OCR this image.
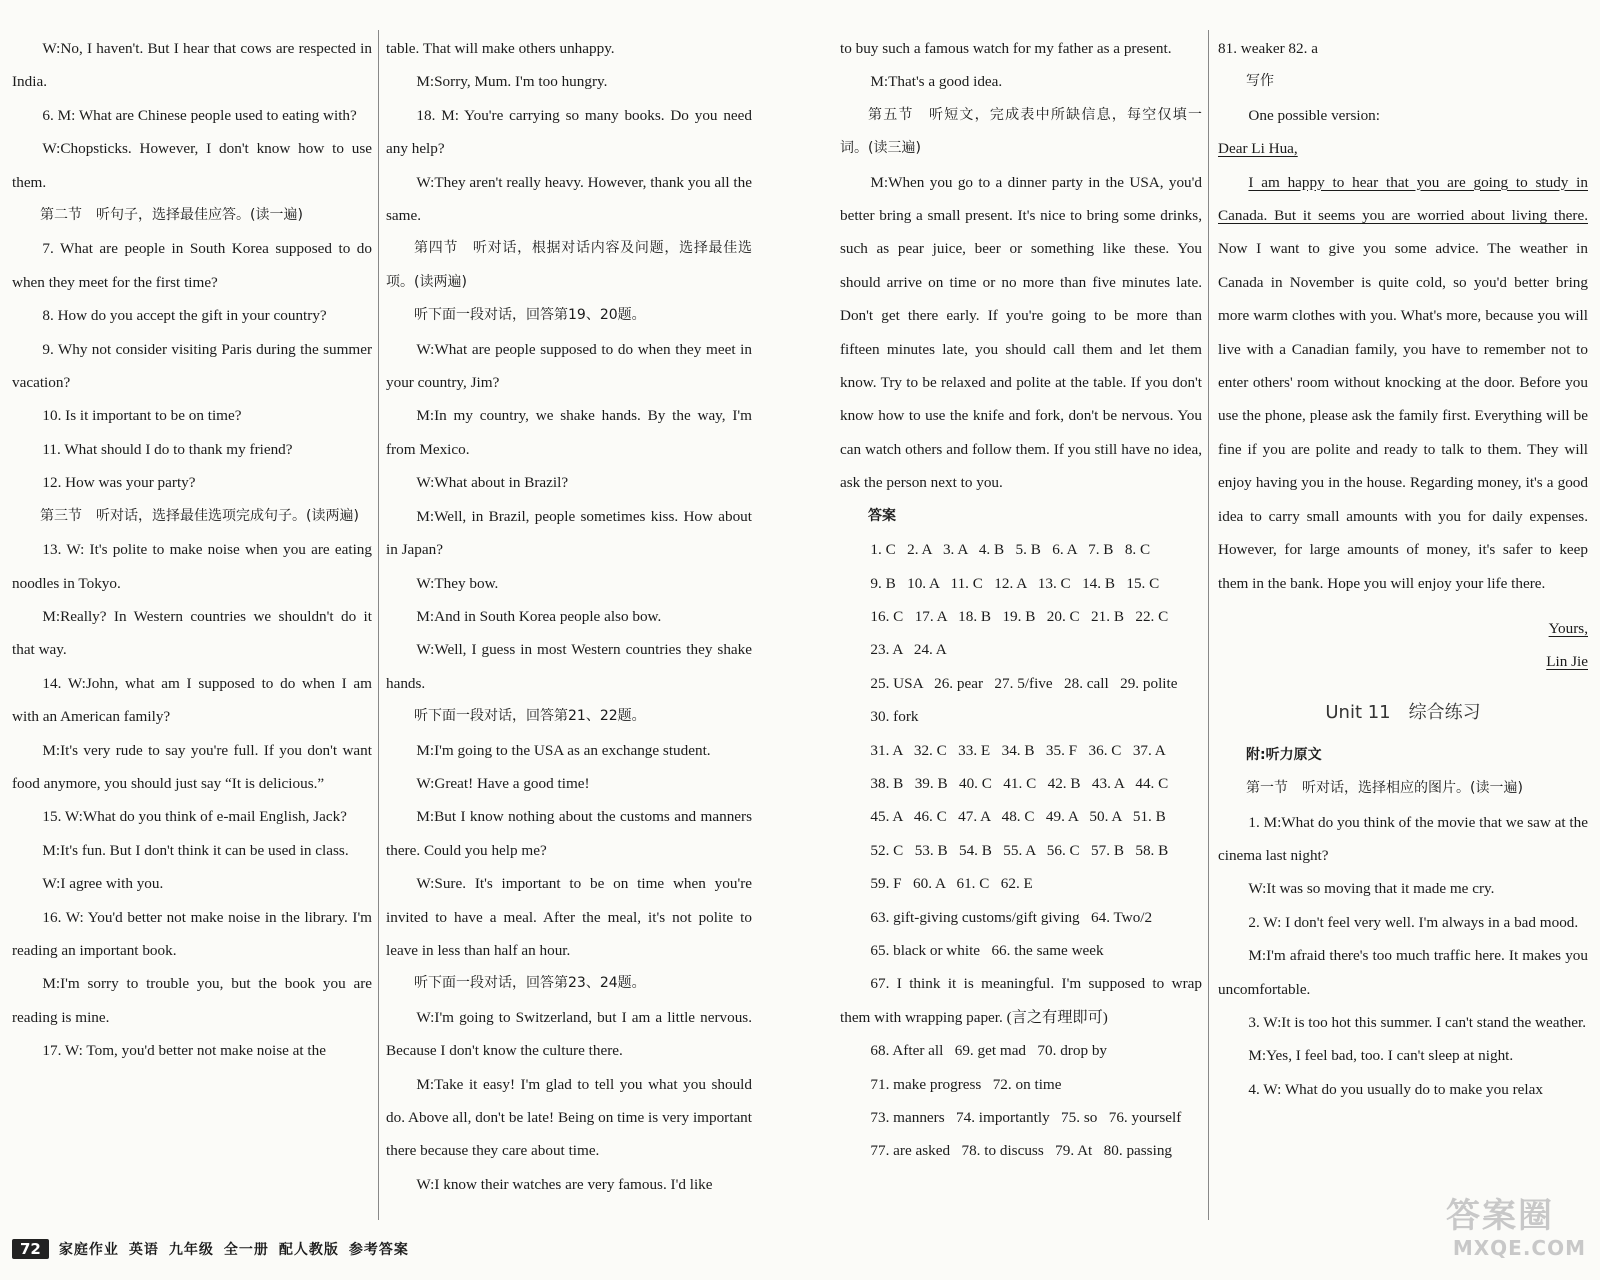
W:No, I haven't. But I hear that cows are respected in India.

6. M: What are Chinese people used to eating with?

W:Chopsticks. However, I don't know how to use them.

第二节　听句子，选择最佳应答。(读一遍)

7. What are people in South Korea supposed to do when they meet for the first time?

8. How do you accept the gift in your country?

9. Why not consider visiting Paris during the summer vacation?

10. Is it important to be on time?

11. What should I do to thank my friend?

12. How was your party?

第三节　听对话，选择最佳选项完成句子。(读两遍)

13. W: It's polite to make noise when you are eating noodles in Tokyo.

M:Really? In Western countries we shouldn't do it that way.

14. W:John, what am I supposed to do when I am with an American family?

M:It's very rude to say you're full. If you don't want food anymore, you should just say “It is delicious.”

15. W:What do you think of e-mail English, Jack?

M:It's fun. But I don't think it can be used in class.

W:I agree with you.

16. W: You'd better not make noise in the library. I'm reading an important book.

M:I'm sorry to trouble you, but the book you are reading is mine.

17. W: Tom, you'd better not make noise at the

table. That will make others unhappy.

M:Sorry, Mum. I'm too hungry.

18. M: You're carrying so many books. Do you need any help?

W:They aren't really heavy. However, thank you all the same.

第四节　听对话，根据对话内容及问题，选择最佳选项。(读两遍)

听下面一段对话，回答第19、20题。

W:What are people supposed to do when they meet in your country, Jim?

M:In my country, we shake hands. By the way, I'm from Mexico.

W:What about in Brazil?

M:Well, in Brazil, people sometimes kiss. How about in Japan?

W:They bow.

M:And in South Korea people also bow.

W:Well, I guess in most Western countries they shake hands.

听下面一段对话，回答第21、22题。

M:I'm going to the USA as an exchange student.

W:Great! Have a good time!

M:But I know nothing about the customs and manners there. Could you help me?

W:Sure. It's important to be on time when you're invited to have a meal. After the meal, it's not polite to leave in less than half an hour.

听下面一段对话，回答第23、24题。

W:I'm going to Switzerland, but I am a little nervous. Because I don't know the culture there.

M:Take it easy! I'm glad to tell you what you should do. Above all, don't be late! Being on time is very important there because they care about time.

W:I know their watches are very famous. I'd like

to buy such a famous watch for my father as a present.

M:That's a good idea.

第五节　听短文，完成表中所缺信息，每空仅填一词。(读三遍)

M:When you go to a dinner party in the USA, you'd better bring a small present. It's nice to bring some drinks, such as pear juice, beer or something like these. You should arrive on time or no more than five minutes late. Don't get there early. If you're going to be more than fifteen minutes late, you should call them and let them know. Try to be relaxed and polite at the table. If you don't know how to use the knife and fork, don't be nervous. You can watch others and follow them. If you still have no idea, ask the person next to you.

答案

1. C   2. A   3. A   4. B   5. B   6. A   7. B   8. C

9. B   10. A   11. C   12. A   13. C   14. B   15. C

16. C   17. A   18. B   19. B   20. C   21. B   22. C

23. A   24. A

25. USA   26. pear   27. 5/five   28. call   29. polite

30. fork

31. A   32. C   33. E   34. B   35. F   36. C   37. A

38. B   39. B   40. C   41. C   42. B   43. A   44. C

45. A   46. C   47. A   48. C   49. A   50. A   51. B

52. C   53. B   54. B   55. A   56. C   57. B   58. B

59. F   60. A   61. C   62. E

63. gift-giving customs/gift giving   64. Two/2

65. black or white   66. the same week

67. I think it is meaningful. I'm supposed to wrap them with wrapping paper. (言之有理即可)

68. After all   69. get mad   70. drop by

71. make progress   72. on time

73. manners   74. importantly   75. so   76. yourself

77. are asked   78. to discuss   79. At   80. passing

81. weaker 82. a

写作

One possible version:

Dear Li Hua,

I am happy to hear that you are going to study in Canada. But it seems you are worried about living there. Now I want to give you some advice. The weather in Canada in November is quite cold, so you'd better bring more warm clothes with you. What's more, because you will live with a Canadian family, you have to remember not to enter others' room without knocking at the door. Before you use the phone, please ask the family first. Everything will be fine if you are polite and ready to talk to them. They will enjoy having you in the house. Regarding money, it's a good idea to carry small amounts with you for daily expenses. However, for large amounts of money, it's safer to keep them in the bank. Hope you will enjoy your life there.

Yours,

Lin Jie

Unit 11　综合练习

附:听力原文

第一节　听对话，选择相应的图片。(读一遍)

1. M:What do you think of the movie that we saw at the cinema last night?

W:It was so moving that it made me cry.

2. W: I don't feel very well. I'm always in a bad mood.

M:I'm afraid there's too much traffic here. It makes you uncomfortable.

3. W:It is too hot this summer. I can't stand the weather.

M:Yes, I feel bad, too. I can't sleep at night.

4. W: What do you usually do to make you relax

72	家庭作业 英语 九年级 全一册 配人教版 参考答案
答案圈
MXQE.COM
